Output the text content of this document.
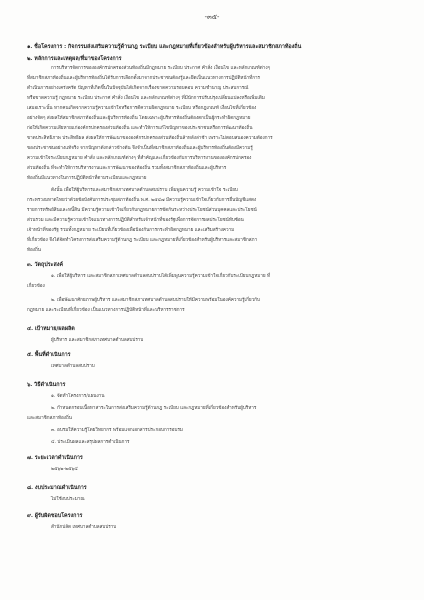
-๓๕-
๑. ชื่อโครงการ : กิจกรรมส่งเสริมความรู้ด้านกฎ ระเบียบ และกฎหมายที่เกี่ยวข้องสำหรับผู้บริหารและสมาชิกสภาท้องถิ่น
๒. หลักการและเหตุผล/ที่มาของโครงการ
การบริหารจัดการขององค์กรปกครองส่วนท้องถิ่นมีกฎหมาย ระเบียบ ประกาศ คำสั่ง เงื่อนไข และหลักเกณฑ์ต่างๆ
ที่สมาชิกสภาท้องถิ่นและผู้บริหารท้องถิ่นได้รับการเลือกตั้งมาจากประชาชนต้องรู้และยึดเป็นแนวทางการปฏิบัติหน้าที่การ
ดำเนินการอย่างเคร่งครัด ปัญหาที่เกิดขึ้นในปัจจุบันได้เกิดจากเรื่องขาดความรอบคอบ ความชำนาญ ประสบการณ์
หรือขาดความรู้ กฎหมาย ระเบียบ ประกาศ คำสั่ง เงื่อนไข และหลักเกณฑ์ต่างๆ ที่มีนักการปรับปรุงเปลี่ยนแปลงหรือเพิ่มเติม
เสมอเราะนั้น หากคนเกิดจากความรู้ความเข้าใจหรือการตีความผิดกฎหมาย ระเบียบ หรือกฎเกณฑ์ เงื่อนไขที่เกี่ยวข้อง
อย่างจัดๆ ส่งผลให้สมาชิกสภาท้องถิ่นและผู้บริหารท้องถิ่น โดยเฉพาะผู้บริหารท้องถิ่นต้องตกเป็นผู้กระทำผิดกฎหมาย
ก่อให้เกิดความเสียหายแก่องค์กรปกครองส่วนท้องถิ่น และทำให้การแก้ไขปัญหาของประชาชนหรือการพัฒนาท้องถิ่น
ขาดประสิทธิภาพ ประสิทธิผล ส่งผลให้การพัฒนาขององค์กรปกครองส่วนท้องถิ่นล้าหลังล่าช้า เพราะไม่ตอบสนองความต้องการ
ของประชาชนอย่างแท้จริง จากปัญหาดังกล่าวข้างต้น จึงจำเป็นที่สมาชิกสภาท้องถิ่นและผู้บริหารท้องถิ่นต้องมีความรู้
ความเข้าใจระเบียบกฎหมาย คำสั่ง และหลักเกณฑ์ต่างๆ ที่สำคัญและเกี่ยวข้องกับการบริหารงานขององค์กรปกครอง
ส่วนท้องถิ่น ที่จะทำให้การบริหารงานและการพัฒนาของท้องถิ่น รวมทั้งสมาชิกสภาท้องถิ่นและผู้บริหาร
ท้องถิ่นมีแนวทางในการปฏิบัติหน้าที่ตามระเบียบและกฎหมาย
ดังนั้น เพื่อให้ผู้บริหารและสมาชิกสภาเทศบาลตำบลสบปราบ เพิ่มพูนความรู้ ความเข้าใจ ระเบียบ
กระทรวงมหาดไทยว่าด้วยข้อบังคับการประชุมสภาท้องถิ่น พ.ศ. ๒๕๔๗ มีความรู้ความเข้าใจเกี่ยวกับการยื่นบัญชีแสดง
รายการทรัพย์สินและหนี้สิน มีความรู้ความเข้าใจเกี่ยวกับกฎหมายการขัดกันระหว่างประโยชน์ส่วนบุคคลและประโยชน์
ส่วนรวม และมีความรู้ความเข้าใจแนวทางการปฏิบัติสำหรับเจ้าหน้าที่ของรัฐเพื่อการจัดการผลประโยชน์ทับซ้อน
เจ้าหน้าที่ของรัฐ รวมทั้งกฎหมาย ระเบียบที่เกี่ยวข้องเพื่อป้องกันการกระทำผิดกฎหมาย และเสริมสร้างความ
ที่เกี่ยวข้อง จึงได้จัดทำโครงการส่งเสริมความรู้ด้านกฎ ระเบียบ และกฎหมายที่เกี่ยวข้องสำหรับผู้บริหารและสมาชิกสภา
ท้องถิ่น
๓. วัตถุประสงค์
๑. เพื่อให้ผู้บริหาร และสมาชิกสภาเทศบาลตำบลสบปราบได้เพิ่มพูนความรู้ความเข้าใจเกี่ยวกับระเบียบกฎหมาย ที่
เกี่ยวข้อง
๒. เพื่อพัฒนาศักยภาพผู้บริหาร และสมาชิกสภาเทศบาลตำบลสบปราบให้มีความพร้อมในองค์ความรู้เกี่ยวกับ
กฎหมาย และระเบียบที่เกี่ยวข้อง เป็นแนวทางการปฏิบัติหน้าที่และบริหารราชการ
๔. เป้าหมาย/ผลผลิต
ผู้บริหาร และสมาชิกสภาเทศบาลตำบลสบปราบ
๕. พื้นที่ดำเนินการ
เทศบาลตำบลสบปราบ
๖. วิธีดำเนินการ
๑. จัดทำโครงการ/แผนงาน
๒. กำหนดกรอบเนื้อหาสาระในการส่งเสริมความรู้ด้านกฎ ระเบียบ และกฎหมายที่เกี่ยวข้องสำหรับผู้บริหาร
และสมาชิกสภาท้องถิ่น
๓. อบรมให้ความรู้โดยวิทยากร พร้อมแจกเอกสารประกอบการอบรม
๔. ประเมินผลและสรุปผลการดำเนินการ
๗. ระยะเวลาดำเนินการ
๒๕๖๒-๒๕๖๔
๘. งบประมาณดำเนินการ
ไม่ใช้งบประมาณ
๙. ผู้รับผิดชอบโครงการ
สำนักปลัด เทศบาลตำบลสบปราบ
